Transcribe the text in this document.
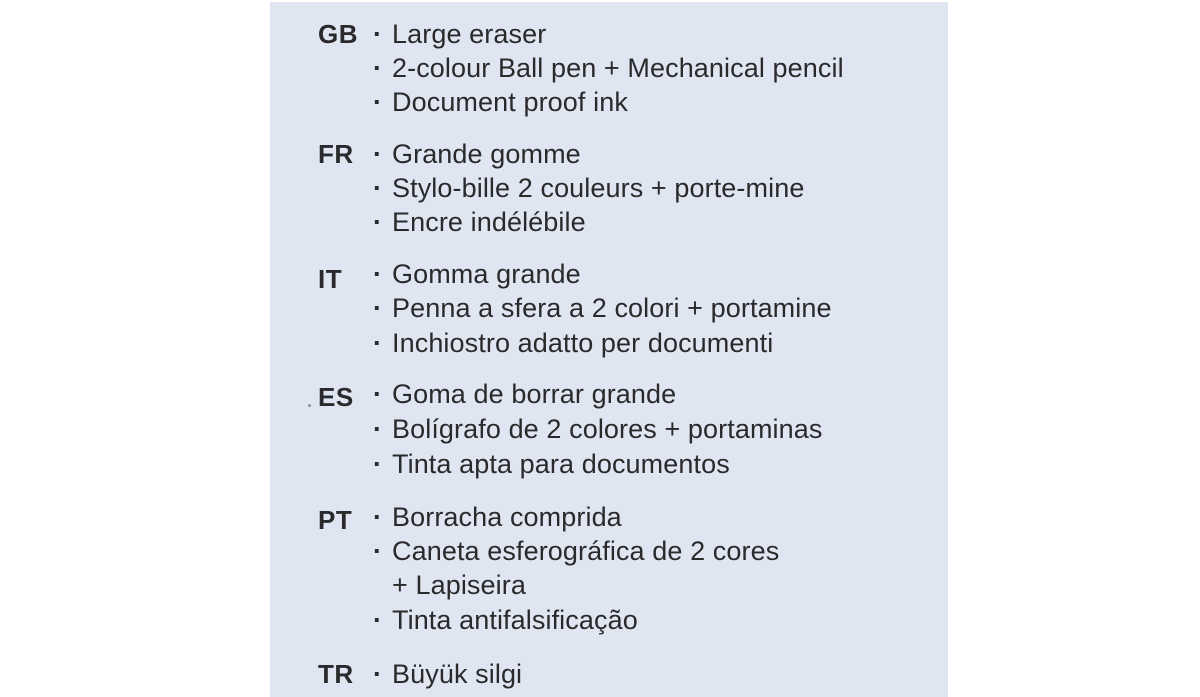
GB · Large eraser
· 2-colour Ball pen + Mechanical pencil
· Document proof ink
FR · Grande gomme
· Stylo-bille 2 couleurs + porte-mine
· Encre indélébile
IT · Gomma grande
· Penna a sfera a 2 colori + portamine
· Inchiostro adatto per documenti
ES · Goma de borrar grande
· Bolígrafo de 2 colores + portaminas
· Tinta apta para documentos
PT · Borracha comprida
· Caneta esferográfica de 2 cores
+ Lapiseira
· Tinta antifalsificação
TR · Büyük silgi
